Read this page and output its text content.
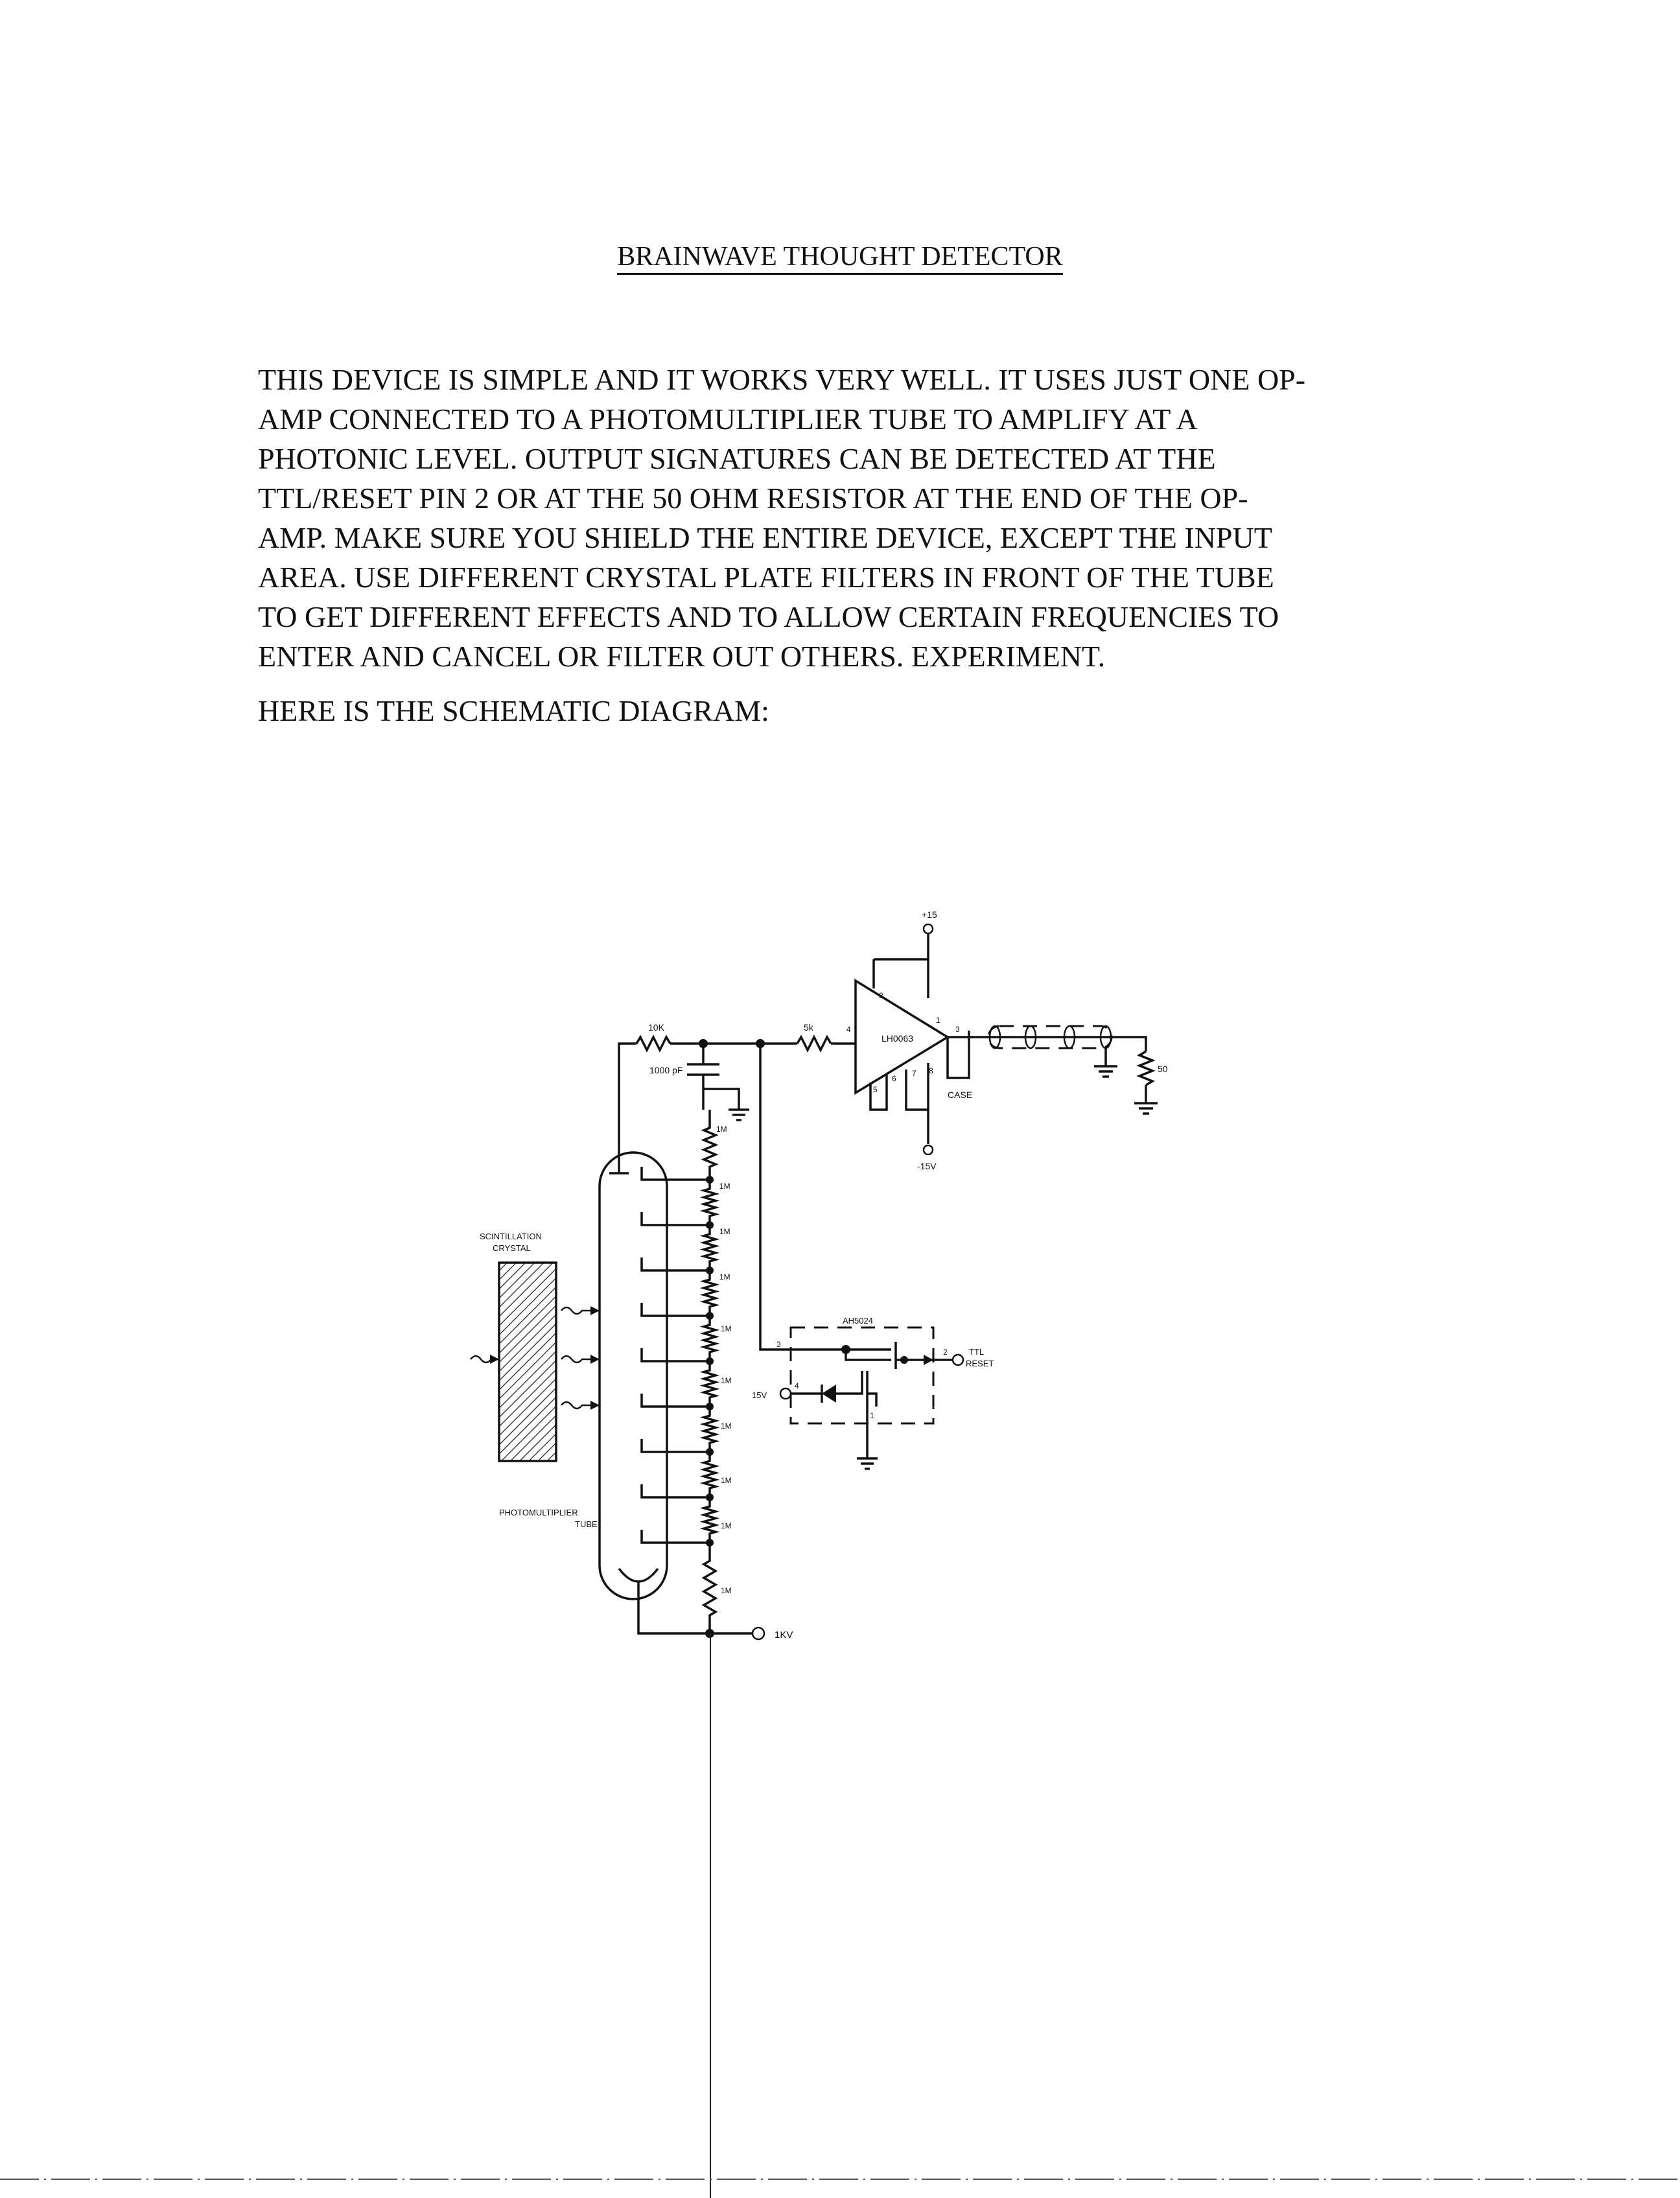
BRAINWAVE THOUGHT DETECTOR
THIS DEVICE IS SIMPLE AND IT WORKS VERY WELL. IT USES JUST ONE OP-
AMP CONNECTED TO A PHOTOMULTIPLIER TUBE TO AMPLIFY AT A
PHOTONIC LEVEL. OUTPUT SIGNATURES CAN BE DETECTED AT THE
TTL/RESET PIN 2 OR AT THE 50 OHM RESISTOR AT THE END OF THE OP-
AMP. MAKE SURE YOU SHIELD THE ENTIRE DEVICE, EXCEPT THE INPUT
AREA. USE DIFFERENT CRYSTAL PLATE FILTERS IN FRONT OF THE TUBE
TO GET DIFFERENT EFFECTS AND TO ALLOW CERTAIN FREQUENCIES TO
ENTER AND CANCEL OR FILTER OUT OTHERS. EXPERIMENT.
HERE IS THE SCHEMATIC DIAGRAM:
+15
LH0063
2
4
1
3
8
5
6
7
-15V
CASE
50
10K	5k
1000 pF
PHOTOMULTIPLIER
TUBE
1KV
1M
1M
1M
1M
1M
1M
1M
1M
1M
1M
SCINTILLATION
CRYSTAL
3
AH5024
2	TTL
RESET
1
15V
4
